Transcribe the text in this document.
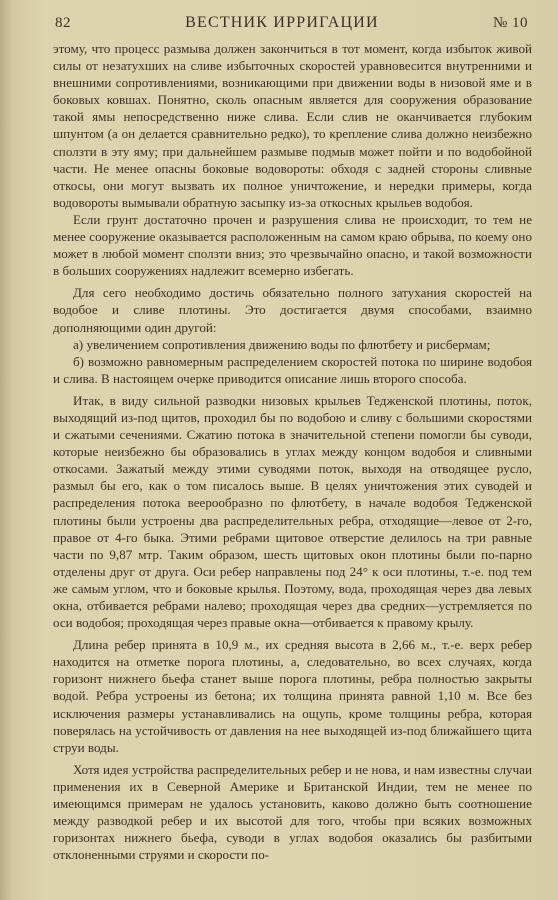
82	ВЕСТНИК ИРРИГАЦИИ	№ 10

этому, что процесс размыва должен закончиться в тот момент, когда избыток живой силы от незатухших на сливе избыточных скоростей уравновесится внутренними и внешними сопротивлениями, возникающими при движении воды в низовой яме и в боковых ковшах. Понятно, сколь опасным является для сооружения образование такой ямы непосредственно ниже слива. Если слив не оканчивается глубоким шпунтом (а он делается сравнительно редко), то крепление слива должно неизбежно сползти в эту яму; при дальнейшем размыве подмыв может пойти и по водобойной части. Не менее опасны боковые водовороты: обходя с задней стороны сливные откосы, они могут вызвать их полное уничтожение, и нередки примеры, когда водовороты вымывали обратную засыпку из-за откосных крыльев водобоя.

Если грунт достаточно прочен и разрушения слива не происходит, то тем не менее сооружение оказывается расположенным на самом краю обрыва, по коему оно может в любой момент сползти вниз; это чрезвычайно опасно, и такой возможности в больших сооружениях надлежит всемерно избегать.

Для сего необходимо достичь обязательно полного затухания скоростей на водобое и сливе плотины. Это достигается двумя способами, взаимно дополняющими один другой:

а) увеличением сопротивления движению воды по флютбету и рисбермам;

б) возможно равномерным распределением скоростей потока по ширине водобоя и слива. В настоящем очерке приводится описание лишь второго способа.

Итак, в виду сильной разводки низовых крыльев Теджeнской плотины, поток, выходящий из-под щитов, проходил бы по водобою и сливу с большими скоростями и сжатыми сечениями. Сжатию потока в значительной степени помогли бы суводи, которые неизбежно бы образовались в углах между концом водобоя и сливными откосами. Зажатый между этими суводями поток, выходя на отводящее русло, размыл бы его, как о том писалось выше. В целях уничтожения этих суводей и распределения потока веерообразно по флютбету, в начале водобоя Теджeнской плотины были устроены два распределительных ребра, отходящие—левое от 2-го, правое от 4-го быка. Этими ребрами щитовое отверстие делилось на три равные части по 9,87 мтр. Таким образом, шесть щитовых окон плотины были по-парно отделены друг от друга. Оси ребер направлены под 24° к оси плотины, т.-е. под тем же самым углом, что и боковые крылья. Поэтому, вода, проходящая через два левых окна, отбивается ребрами налево; проходящая через два средних—устремляется по оси водобоя; проходящая через правые окна—отбивается к правому крылу.

Длина ребер принята в 10,9 м., их средняя высота в 2,66 м., т.-е. верх ребер находится на отметке порога плотины, а, следовательно, во всех случаях, когда горизонт нижнего бьефа станет выше порога плотины, ребра полностью закрыты водой. Ребра устроены из бетона; их толщина принята равной 1,10 м. Все без исключения размеры устанавливались на ощупь, кроме толщины ребра, которая поверялась на устойчивость от давления на нее выходящей из-под ближайшего щита струи воды.

Хотя идея устройства распределительных ребер и не нова, и нам известны случаи применения их в Северной Америке и Британской Индии, тем не менее по имеющимся примерам не удалось установить, каково должно быть соотношение между разводкой ребер и их высотой для того, чтобы при всяких возможных горизонтах нижнего бьефа, суводи в углах водобоя оказались бы разбитыми отклоненными струями и скорости по-
